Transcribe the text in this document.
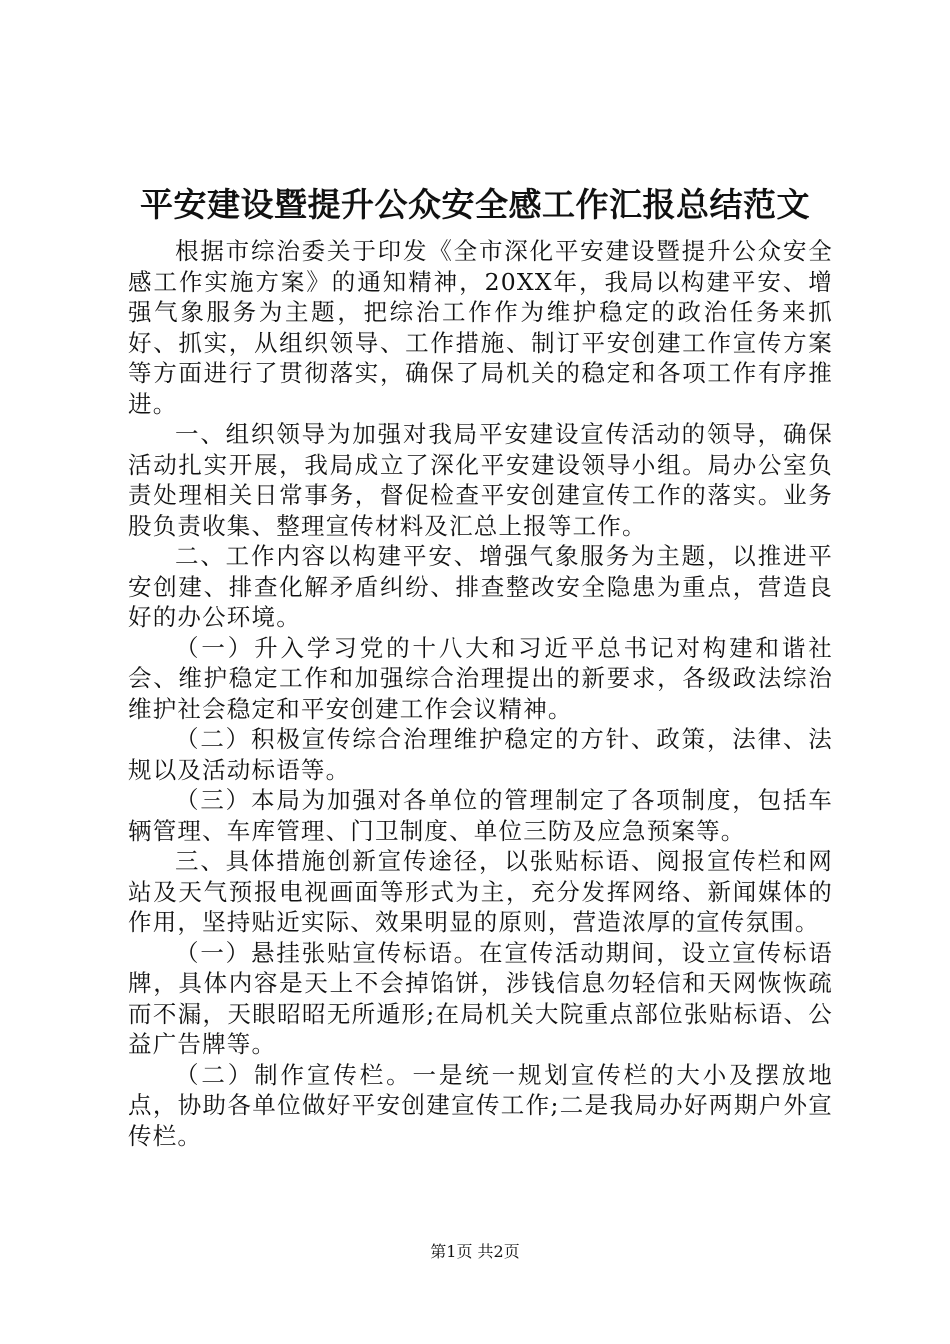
平安建设暨提升公众安全感工作汇报总结范文

根据市综治委关于印发《全市深化平安建设暨提升公众安全感工作实施方案》的通知精神，20XX年，我局以构建平安、增强气象服务为主题，把综治工作作为维护稳定的政治任务来抓好、抓实，从组织领导、工作措施、制订平安创建工作宣传方案等方面进行了贯彻落实，确保了局机关的稳定和各项工作有序推进。

一、组织领导为加强对我局平安建设宣传活动的领导，确保活动扎实开展，我局成立了深化平安建设领导小组。局办公室负责处理相关日常事务，督促检查平安创建宣传工作的落实。业务股负责收集、整理宣传材料及汇总上报等工作。

二、工作内容以构建平安、增强气象服务为主题，以推进平安创建、排查化解矛盾纠纷、排查整改安全隐患为重点，营造良好的办公环境。

（一）升入学习党的十八大和习近平总书记对构建和谐社会、维护稳定工作和加强综合治理提出的新要求，各级政法综治维护社会稳定和平安创建工作会议精神。

（二）积极宣传综合治理维护稳定的方针、政策，法律、法规以及活动标语等。

（三）本局为加强对各单位的管理制定了各项制度，包括车辆管理、车库管理、门卫制度、单位三防及应急预案等。

三、具体措施创新宣传途径，以张贴标语、阅报宣传栏和网站及天气预报电视画面等形式为主，充分发挥网络、新闻媒体的作用，坚持贴近实际、效果明显的原则，营造浓厚的宣传氛围。

（一）悬挂张贴宣传标语。在宣传活动期间，设立宣传标语牌，具体内容是天上不会掉馅饼，涉钱信息勿轻信和天网恢恢疏而不漏，天眼昭昭无所遁形;在局机关大院重点部位张贴标语、公益广告牌等。

（二）制作宣传栏。一是统一规划宣传栏的大小及摆放地点，协助各单位做好平安创建宣传工作;二是我局办好两期户外宣传栏。

第1页 共2页
